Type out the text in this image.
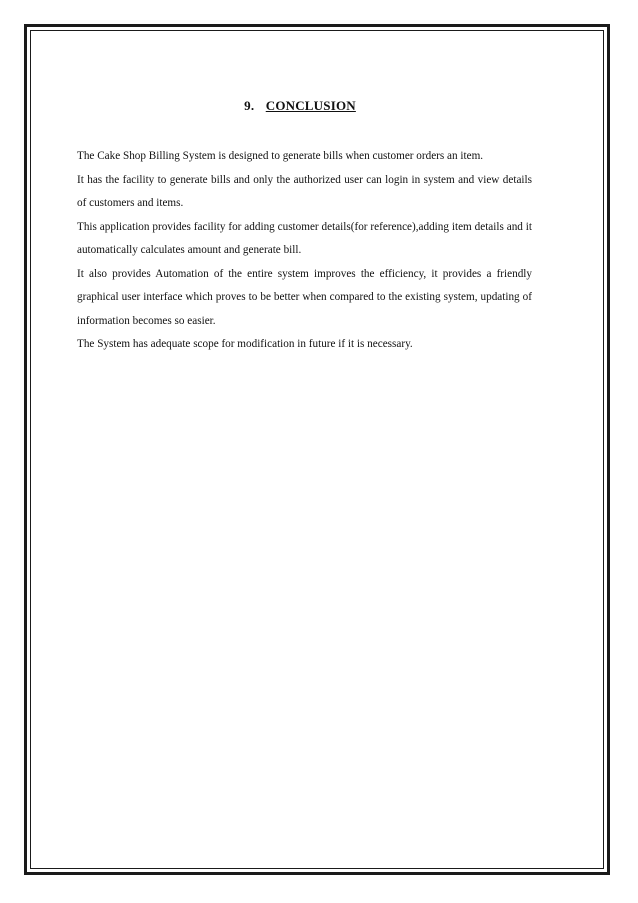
9. CONCLUSION

The Cake Shop Billing System is designed to generate bills when customer orders an item.

It has the facility to generate bills and only the authorized user can login in system and view details of customers and items.

This application provides facility for adding customer details(for reference),adding item details and it automatically calculates amount and generate bill.

It also provides Automation of the entire system improves the efficiency, it provides a friendly graphical user interface which proves to be better when compared to the existing system, updating of information becomes so easier.

The System has adequate scope for modification in future if it is necessary.
